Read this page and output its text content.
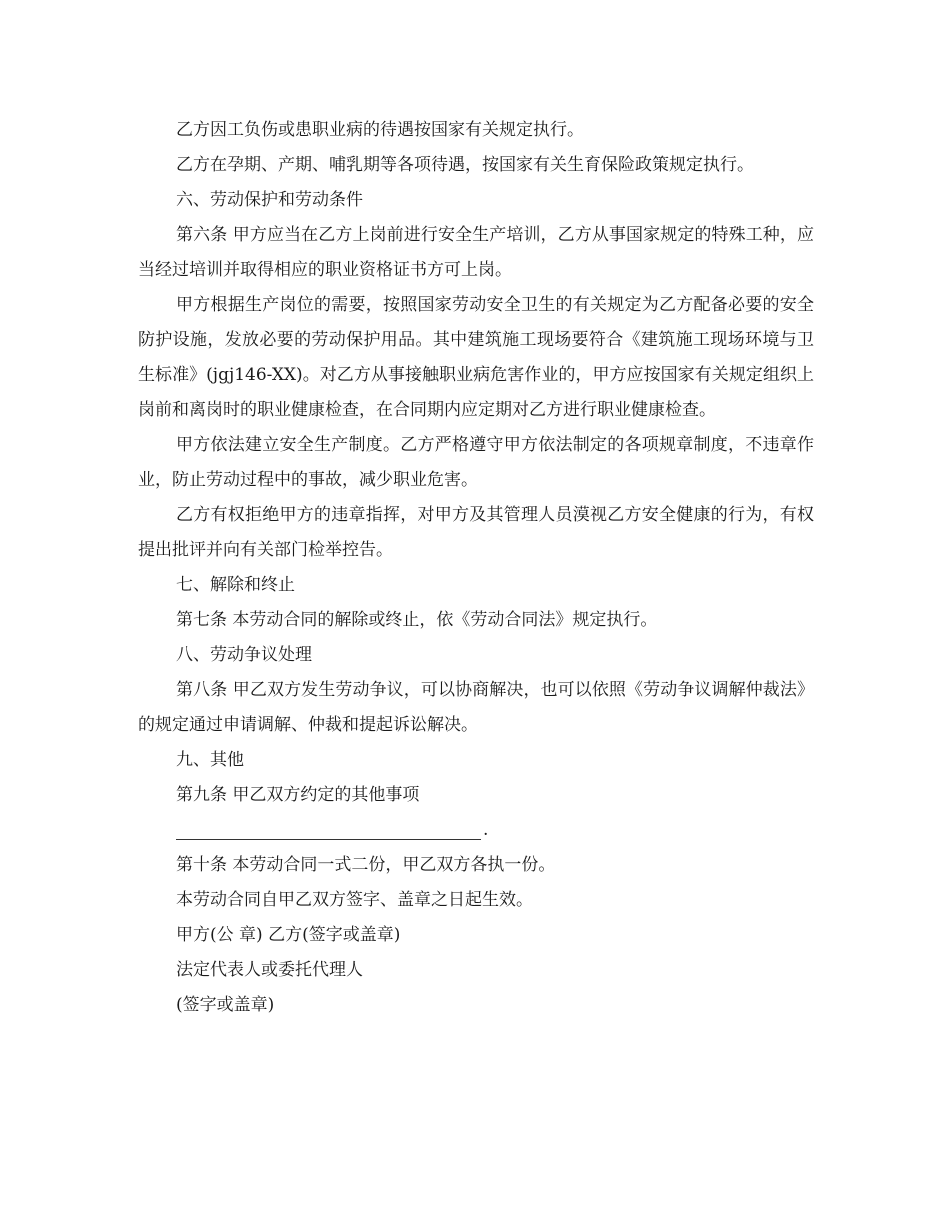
乙方因工负伤或患职业病的待遇按国家有关规定执行。

乙方在孕期、产期、哺乳期等各项待遇，按国家有关生育保险政策规定执行。

六、劳动保护和劳动条件

第六条 甲方应当在乙方上岗前进行安全生产培训，乙方从事国家规定的特殊工种，应当经过培训并取得相应的职业资格证书方可上岗。

甲方根据生产岗位的需要，按照国家劳动安全卫生的有关规定为乙方配备必要的安全防护设施，发放必要的劳动保护用品。其中建筑施工现场要符合《建筑施工现场环境与卫生标准》(jgj146-XX)。对乙方从事接触职业病危害作业的，甲方应按国家有关规定组织上岗前和离岗时的职业健康检查，在合同期内应定期对乙方进行职业健康检查。

甲方依法建立安全生产制度。乙方严格遵守甲方依法制定的各项规章制度，不违章作业，防止劳动过程中的事故，减少职业危害。

乙方有权拒绝甲方的违章指挥，对甲方及其管理人员漠视乙方安全健康的行为，有权提出批评并向有关部门检举控告。

七、解除和终止

第七条 本劳动合同的解除或终止，依《劳动合同法》规定执行。

八、劳动争议处理

第八条 甲乙双方发生劳动争议，可以协商解决，也可以依照《劳动争议调解仲裁法》的规定通过申请调解、仲裁和提起诉讼解决。

九、其他

第九条 甲乙双方约定的其他事项

.

第十条 本劳动合同一式二份，甲乙双方各执一份。

本劳动合同自甲乙双方签字、盖章之日起生效。

甲方(公 章) 乙方(签字或盖章)

法定代表人或委托代理人

(签字或盖章)
